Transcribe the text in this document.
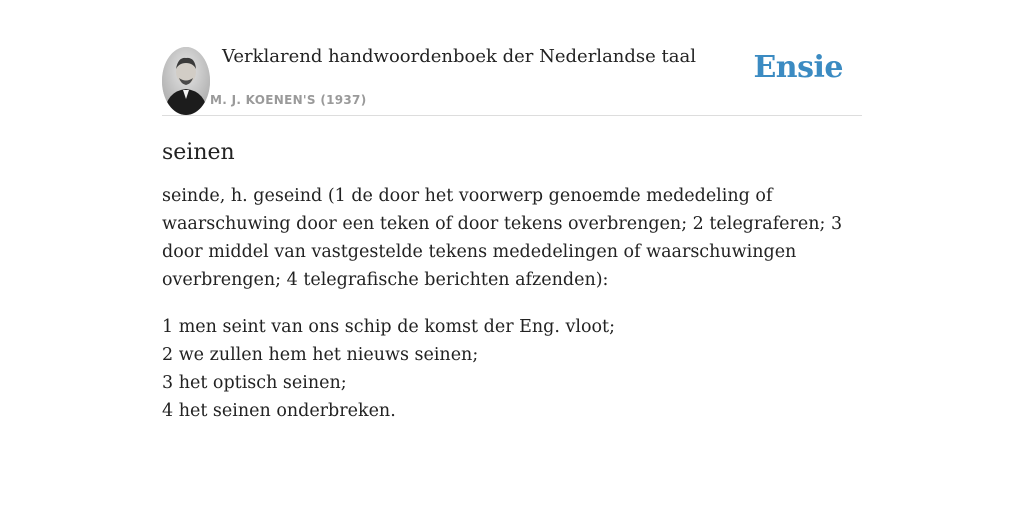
Verklarend handwoordenboek der Nederlandse taal
M. J. KOENEN'S (1937)
Ensie
seinen

seinde, h. geseind (1 de door het voorwerp genoemde mededeling of waarschuwing door een teken of door tekens overbrengen; 2 telegraferen; 3 door middel van vastgestelde tekens mededelingen of waarschuwingen overbrengen; 4 telegrafische berichten afzenden):

1 men seint van ons schip de komst der Eng. vloot;
2 we zullen hem het nieuws seinen;
3 het optisch seinen;
4 het seinen onderbreken.
